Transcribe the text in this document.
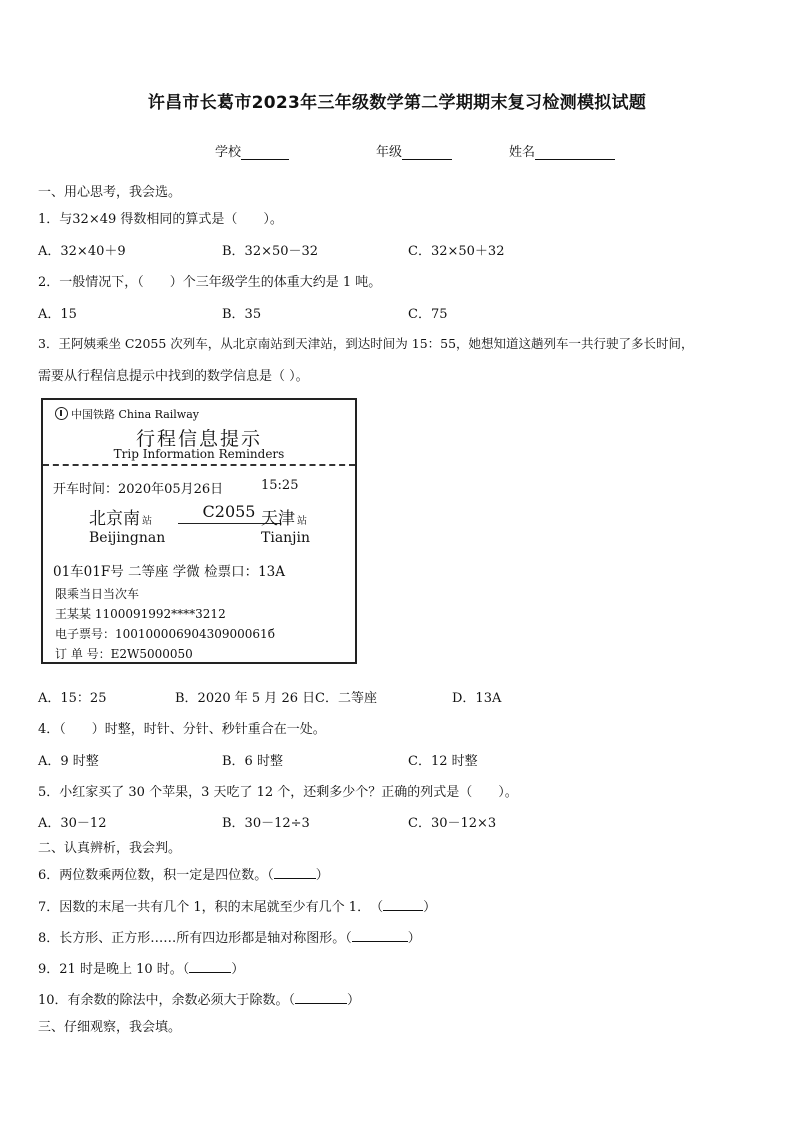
许昌市长葛市2023年三年级数学第二学期期末复习检测模拟试题
学校	年级	姓名
一、用心思考，我会选。
1．与32×49 得数相同的算式是（　　）。
A．32×40＋9	B．32×50－32	C．32×50＋32
2．一般情况下，（　　）个三年级学生的体重大约是 1 吨。
A．15	B．35	C．75
3．王阿姨乘坐 C2055 次列车，从北京南站到天津站，到达时间为 15：55，她想知道这趟列车一共行驶了多长时间，
需要从行程信息提示中找到的数学信息是（ ）。
中国铁路 China Railway
行程信息提示
Trip Information Reminders
开车时间：2020年05月26日	15:25
北京南 站
Beijingnan
C2055 天津 站
Tianjin
01车01F号 二等座 学微 检票口：13A
限乘当日当次车
王某某 1100091992****3212
电子票号：10010000690430900061б
订 单 号：E2W5000050
A．15：25	B．2020 年 5 月 26 日 C．二等座	D．13A
4．（　　）时整，时针、分针、秒针重合在一处。
A．9 时整	B．6 时整	C．12 时整
5．小红家买了 30 个苹果，3 天吃了 12 个，还剩多少个？正确的列式是（　　）。
A．30－12	B．30－12÷3	C．30－12×3
二、认真辨析，我会判。
6．两位数乘两位数，积一定是四位数。（	）
7．因数的末尾一共有几个 1，积的末尾就至少有几个 1．　（	）
8．长方形、正方形……所有四边形都是轴对称图形。（	）
9．21 时是晚上 10 时。（	）
10．有余数的除法中，余数必须大于除数。（	）
三、仔细观察，我会填。
